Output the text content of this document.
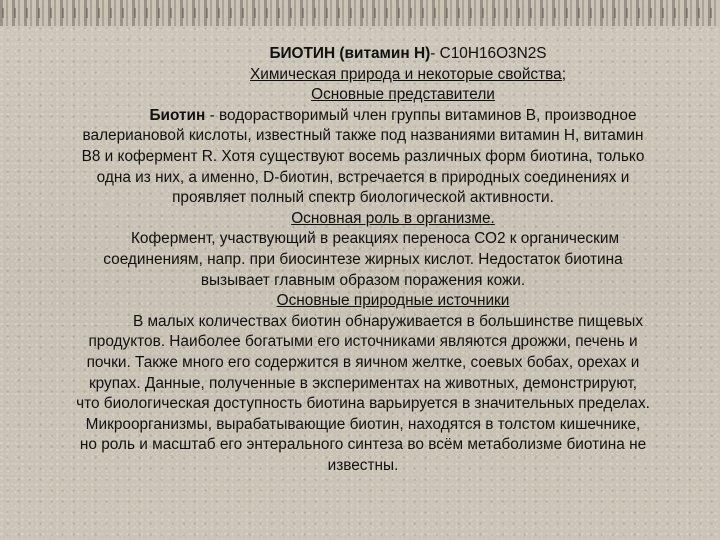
БИОТИН (витамин Н)- C10H16O3N2S
Химическая природа и некоторые свойства;
Основные представители
Биотин - водорастворимый член группы витаминов В, производное
валериановой кислоты, известный также под названиями витамин Н, витамин
В8 и кофермент R. Хотя существуют восемь различных форм биотина, только
одна из них, а именно, D-биотин, встречается в природных соединениях и
проявляет полный спектр биологической активности.
Основная роль в организме.
Кофермент, участвующий в реакциях переноса СО2 к органическим
соединениям, напр. при биосинтезе жирных кислот. Недостаток биотина
вызывает главным образом поражения кожи.
Основные природные источники
В малых количествах биотин обнаруживается в большинстве пищевых
продуктов. Наиболее богатыми его источниками являются дрожжи, печень и
почки. Также много его содержится в яичном желтке, соевых бобах, орехах и
крупах. Данные, полученные в экспериментах на животных, демонстрируют,
что биологическая доступность биотина варьируется в значительных пределах.
Микроорганизмы, вырабатывающие биотин, находятся в толстом кишечнике,
но роль и масштаб его энтерального синтеза во всём метаболизме биотина не
известны.
